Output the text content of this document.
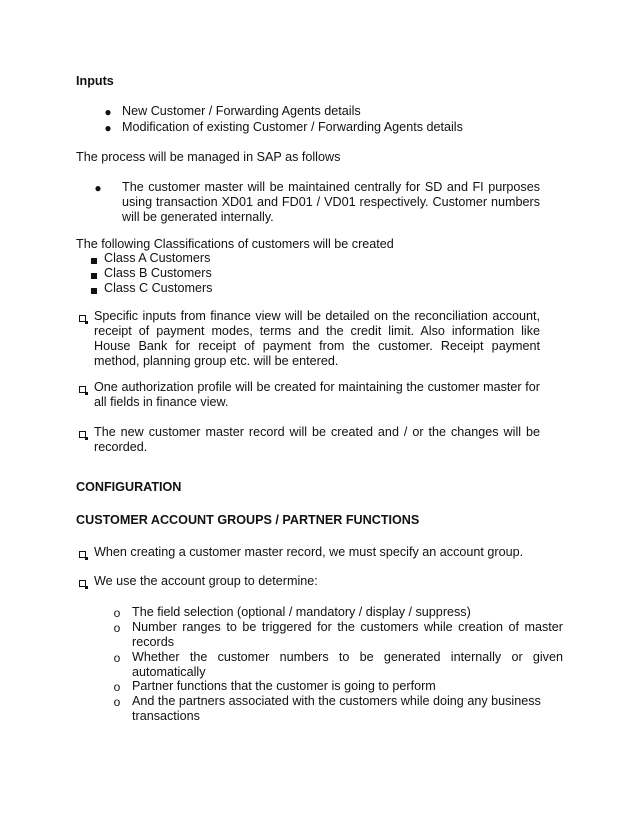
Inputs

● New Customer / Forwarding Agents details

● Modification of existing Customer / Forwarding Agents details

The process will be managed in SAP as follows

● The customer master will be maintained centrally for SD and FI purposes using transaction XD01 and FD01 / VD01 respectively. Customer numbers will be generated internally.

The following Classifications of customers will be created

Class A Customers

Class B Customers

Class C Customers

Specific inputs from finance view will be detailed on the reconciliation account, receipt of payment modes, terms and the credit limit. Also information like House Bank for receipt of payment from the customer. Receipt payment method, planning group etc. will be entered.

One authorization profile will be created for maintaining the customer master for all fields in finance view.

The new customer master record will be created and / or the changes will be recorded.

CONFIGURATION

CUSTOMER ACCOUNT GROUPS / PARTNER FUNCTIONS

When creating a customer master record, we must specify an account group.

We use the account group to determine:

o The field selection (optional / mandatory / display / suppress)

o Number ranges to be triggered for the customers while creation of master records

o Whether the customer numbers to be generated internally or given automatically

o Partner functions that the customer is going to perform

o And the partners associated with the customers while doing any business transactions
